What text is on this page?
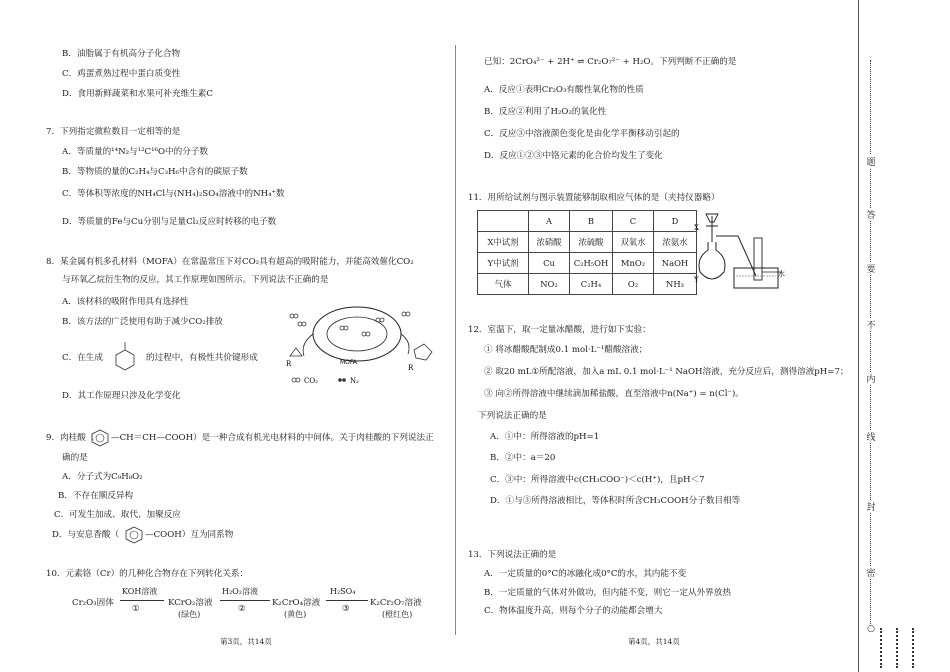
B．油脂属于有机高分子化合物
C．鸡蛋煮熟过程中蛋白质变性
D．食用新鲜蔬菜和水果可补充维生素C
7．下列指定微粒数目一定相等的是
A．等质量的¹⁴N₂与¹²C¹⁶O中的分子数
B．等物质的量的C₂H₄与C₃H₆中含有的碳原子数
C．等体积等浓度的NH₄Cl与(NH₄)₂SO₄溶液中的NH₄⁺数
D．等质量的Fe与Cu分别与足量Cl₂反应时转移的电子数
8．某金属有机多孔材料（MOFA）在常温常压下对CO₂具有超高的吸附能力，并能高效催化CO₂
与环氧乙烷衍生物的反应，其工作原理如图所示。下列说法不正确的是
A．该材料的吸附作用具有选择性
B．该方法的广泛使用有助于减少CO₂排放
C．在生成	的过程中，有极性共价键形成
D．其工作原理只涉及化学变化
R	R
MOFA
CO₂	N₂
9．肉桂酸（ —CH＝CH—COOH）是一种合成有机光电材料的中间体。关于肉桂酸的下列说法正
确的是
A．分子式为C₉H₈O₂
B．不存在顺反异构
C．可发生加成、取代、加聚反应
D．与安息香酸（	—COOH）互为同系物
10．元素铬（Cr）的几种化合物存在下列转化关系：
Cr₂O₃固体
KOH溶液
①
KCrO₂溶液
(绿色)
H₂O₂溶液
②
K₂CrO₄溶液
(黄色)
H₂SO₄
③
K₂Cr₂O₇溶液
(橙红色)
第3页，共14页
已知：2CrO₄²⁻ + 2H⁺ ⇌ Cr₂O₇²⁻ + H₂O。下列判断不正确的是
A．反应①表明Cr₂O₃有酸性氧化物的性质
B．反应②利用了H₂O₂的氧化性
C．反应③中溶液颜色变化是由化学平衡移动引起的
D．反应①②③中铬元素的化合价均发生了变化
11．用所给试剂与图示装置能够制取相应气体的是（夹持仪器略）
	A	B	C	D
X中试剂	浓硝酸	浓硫酸	双氧水	浓氨水
Y中试剂	Cu	C₂H₅OH	MnO₂	NaOH
气体	NO₂	C₂H₄	O₂	NH₃
X
Y
水
12．室温下，取一定量冰醋酸，进行如下实验：
① 将冰醋酸配制成0.1 mol·L⁻¹醋酸溶液；
② 取20 mL①所配溶液，加入a mL 0.1 mol·L⁻¹ NaOH溶液，充分反应后，测得溶液pH=7；
③ 向②所得溶液中继续滴加稀盐酸，直至溶液中n(Na⁺) = n(Cl⁻)。
下列说法正确的是
A．①中：所得溶液的pH=1
B．②中：a＝20
C．③中：所得溶液中c(CH₃COO⁻)＜c(H⁺)，且pH＜7
D．①与③所得溶液相比，等体积时所含CH₃COOH分子数目相等
13．下列说法正确的是
A．一定质量的0°C的冰融化成0°C的水，其内能不变
B．一定质量的气体对外做功，但内能不变，则它一定从外界放热
C．物体温度升高，则每个分子的动能都会增大
第4页，共14页
题
答
要
不
内
线
封
密
○
